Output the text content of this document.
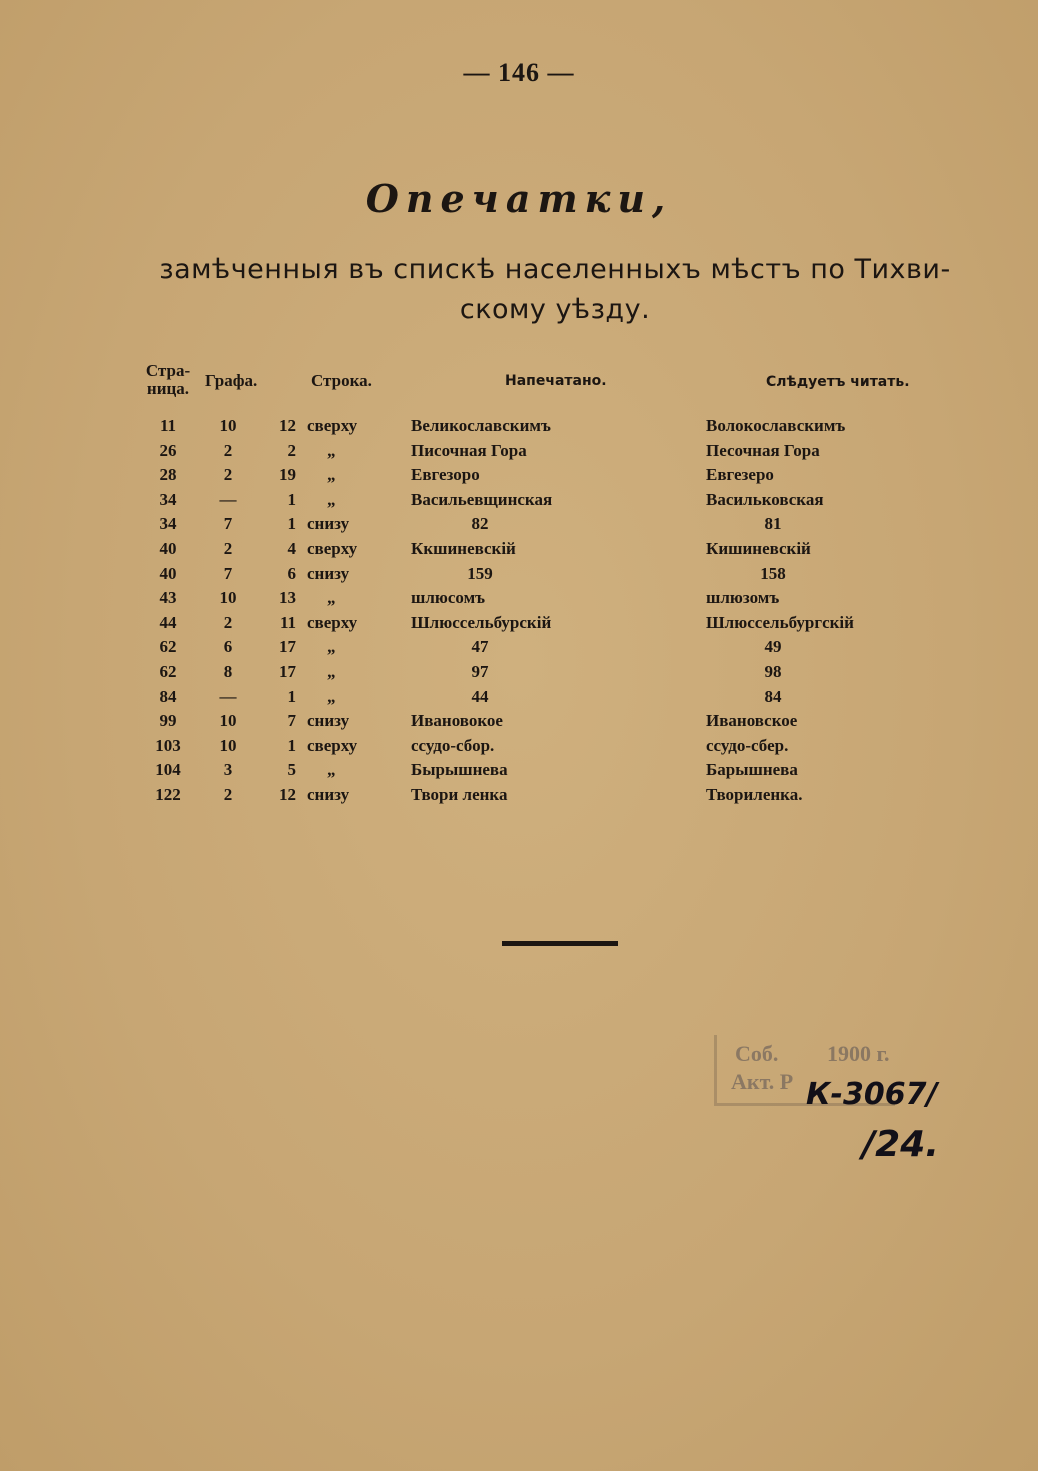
— 146 —
Опечатки,
замѣченныя въ спискѣ населенныхъ мѣстъ по Тихви-
скому уѣзду.
Стра-
ница. Графа.	Строка.	Напечатано.	Слѣдуетъ читать.
11	10	12 сверху	Великославскимъ	Волокославскимъ
26	2	2	„	Писочная Гора	Песочная Гора
28	2	19	„	Евгезоро	Евгезеро
34	—	1	„	Васильевщинская	Васильковская
34	7	1 снизу	82	81
40	2	4 сверху	Ккшиневскій	Кишиневскій
40	7	6 снизу	159	158
43	10	13	„	шлюсомъ	шлюзомъ
44	2	11 сверху	Шлюссельбурскій	Шлюссельбургскій
62	6	17	„	47	49
62	8	17	„	97	98
84	—	1	„	44	84
99	10	7 снизу	Ивановокое	Ивановское
103	10	1 сверху	ссудо-сбор.	ссудо-сбер.
104	3	5	„	Бырышнева	Барышнева
122	2	12 снизу	Твори ленка	Твориленка.
Соб. 1900 г.
Акт. Р К-3067/
/24.
